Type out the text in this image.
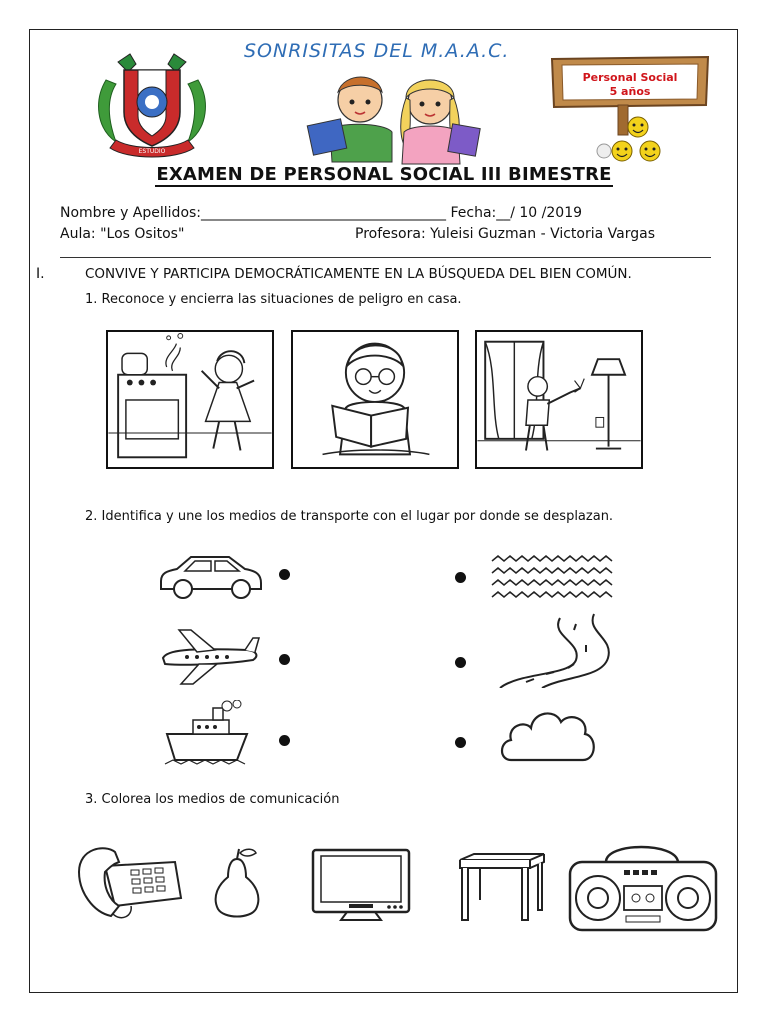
SONRISITAS DEL M.A.A.C.
ESTUDIO
Personal Social
5 años
EXAMEN DE PERSONAL SOCIAL III BIMESTRE
Nombre y Apellidos:___________________________________ Fecha:__/ 10 /2019
Aula: "Los Ositos"	Profesora: Yuleisi Guzman - Victoria Vargas
I.	CONVIVE Y PARTICIPA DEMOCRÁTICAMENTE EN LA BÚSQUEDA DEL BIEN COMÚN.
1. Reconoce y encierra las situaciones de peligro en casa.
2. Identifica y une los medios de transporte con el lugar por donde se desplazan.
3. Colorea los medios de comunicación
